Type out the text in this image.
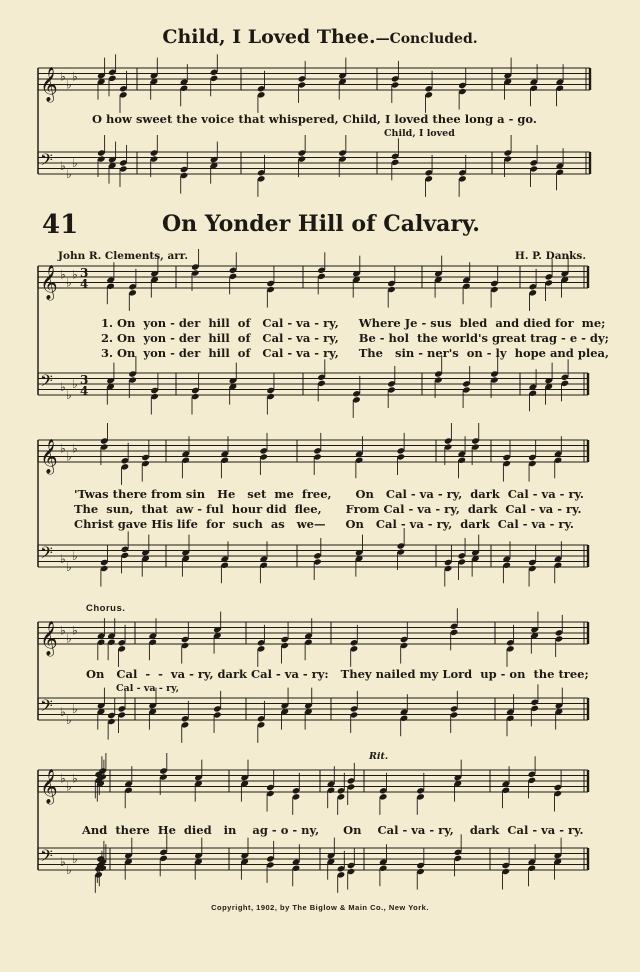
Child, I Loved Thee.—Concluded.
41	On Yonder Hill of Calvary.
John R. Clements, arr.	H. P. Danks.
O how sweet the voice that whispered, Child, I loved thee long a - go.
Child, I loved
1. On  yon - der  hill  of   Cal - va - ry,     Where Je - sus  bled  and died for  me;
2. On  yon - der  hill  of   Cal - va - ry,     Be - hol  the world's great trag - e - dy;
3. On  yon - der  hill  of   Cal - va - ry,     The   sin - ner's  on - ly  hope and plea,
'Twas there from sin   He   set  me  free,      On   Cal - va - ry,  dark  Cal - va - ry.
The  sun,  that  aw - ful  hour did  flee,      From Cal - va - ry,  dark  Cal - va - ry.
Christ gave His life  for  such  as   we—     On   Cal - va - ry,  dark  Cal - va - ry.
Chorus.
On   Cal  -  -  va - ry, dark Cal - va - ry:   They nailed my Lord  up - on  the tree;
Cal - va - ry,
Rit.
And  there  He  died   in    ag - o - ny,      On    Cal - va - ry,    dark  Cal - va - ry.
Copyright, 1902, by The Biglow & Main Co., New York.
𝄞 ♭
♭
♭
𝄢 ♭
♭
♭
𝄞 ♭
♭
♭ 3
4
𝄢 ♭
♭
♭ 3
4
𝄞 ♭
♭
♭
𝄢 ♭
♭
♭
𝄞 ♭
♭
♭
𝄢 ♭
♭
♭
𝄞 ♭
♭
♭
𝄢 ♭
♭
♭
